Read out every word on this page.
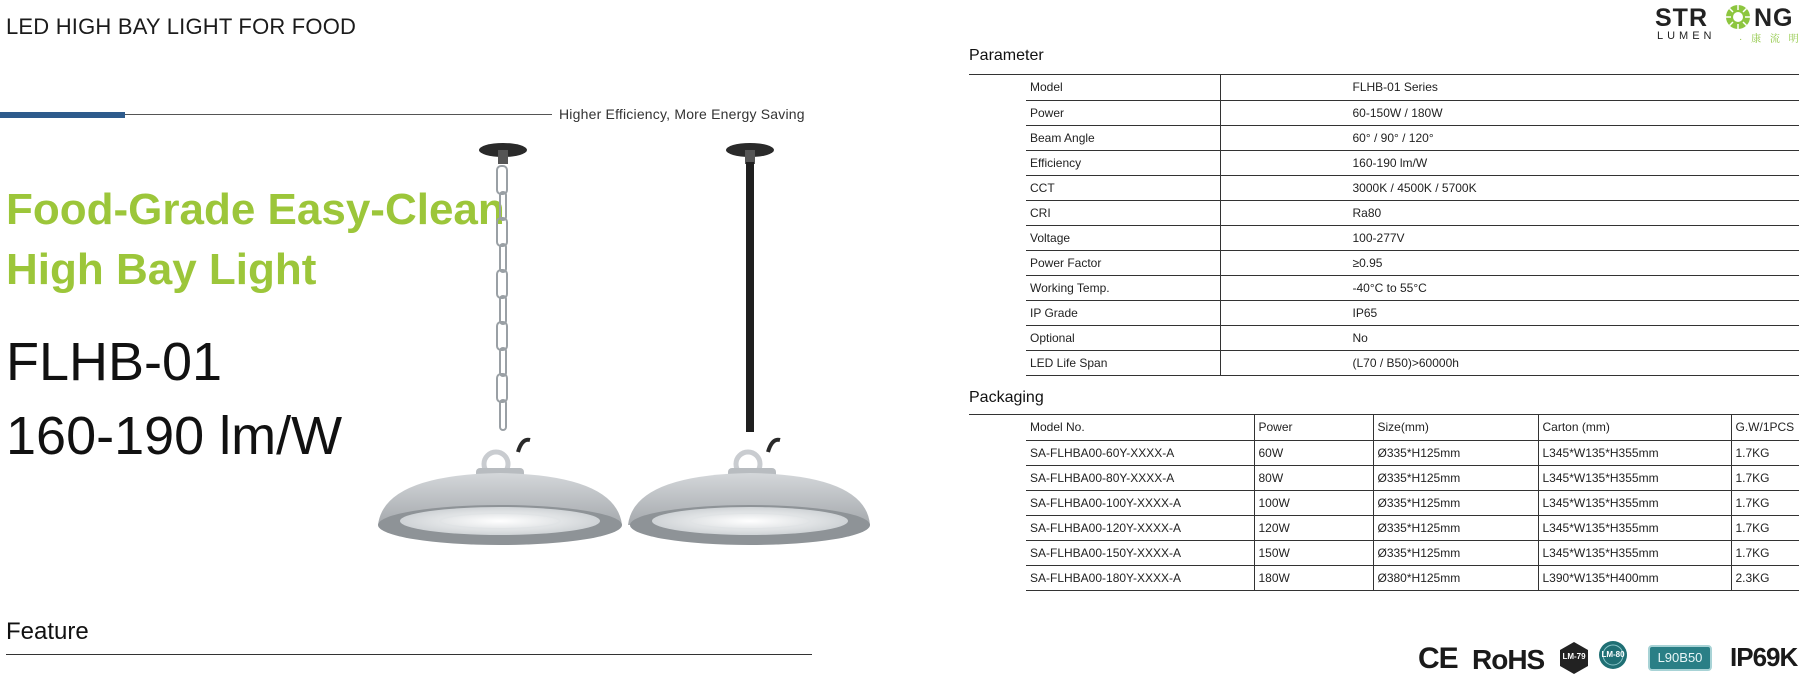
LED HIGH BAY LIGHT FOR FOOD	STR NG
LUMEN · 康 流 明
Higher Efficiency, More Energy Saving
Food-Grade Easy-Clean
High Bay Light
FLHB-01
160-190 lm/W
Feature
Parameter
Model	FLHB-01 Series
Power	60-150W / 180W
Beam Angle	60° / 90° / 120°
Efficiency	160-190 lm/W
CCT	3000K / 4500K / 5700K
CRI	Ra80
Voltage	100-277V
Power Factor	≥0.95
Working Temp.	-40°C to 55°C
IP Grade	IP65
Optional	No
LED Life Span	(L70 / B50)>60000h
Packaging
Model No.	Power	Size(mm)	Carton (mm)	G.W/1PCS
SA-FLHBA00-60Y-XXXX-A	60W	Ø335*H125mm	L345*W135*H355mm	1.7KG
SA-FLHBA00-80Y-XXXX-A	80W	Ø335*H125mm	L345*W135*H355mm	1.7KG
SA-FLHBA00-100Y-XXXX-A	100W	Ø335*H125mm	L345*W135*H355mm	1.7KG
SA-FLHBA00-120Y-XXXX-A	120W	Ø335*H125mm	L345*W135*H355mm	1.7KG
SA-FLHBA00-150Y-XXXX-A	150W	Ø335*H125mm	L345*W135*H355mm	1.7KG
SA-FLHBA00-180Y-XXXX-A	180W	Ø380*H125mm	L390*W135*H400mm	2.3KG
CE RoHS	LM-79	LM-80	L90B50	IP69K
